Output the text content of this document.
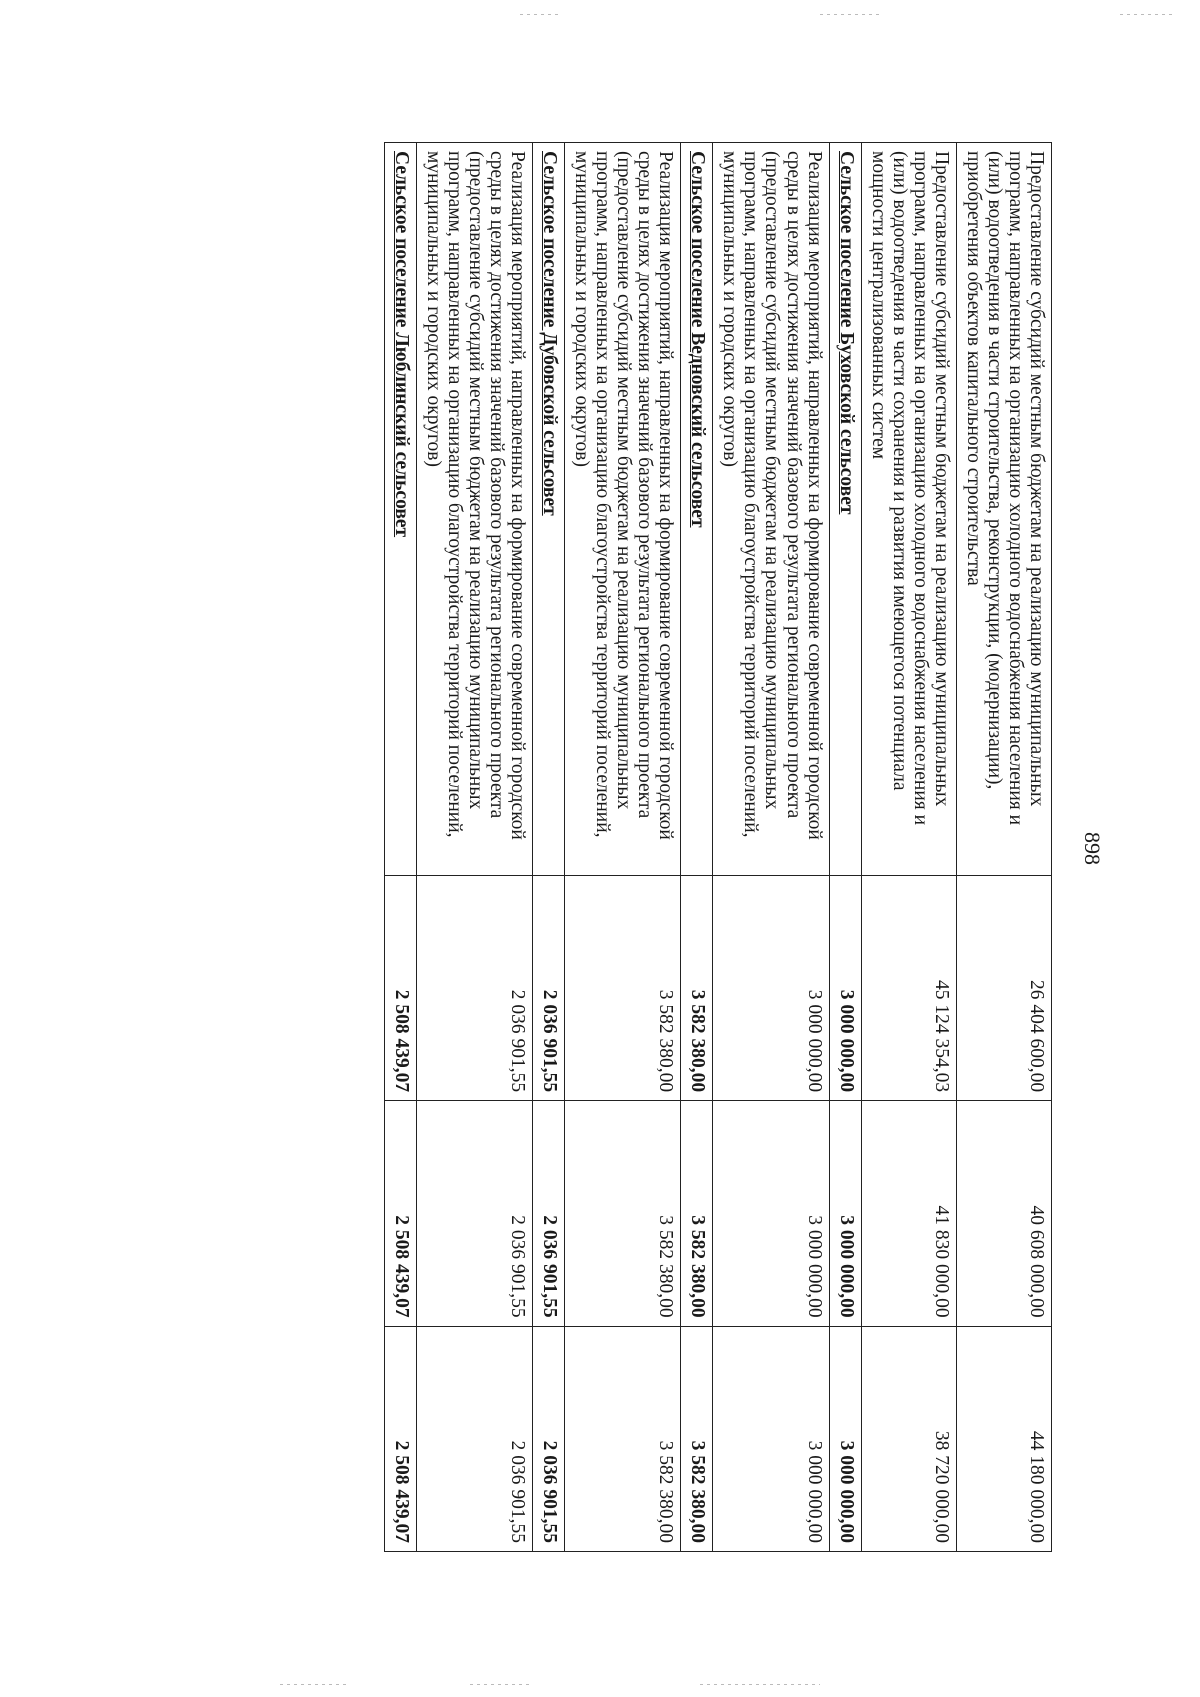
898
Предоставление субсидий местным бюджетам на реализацию муниципальных программ, направленных на организацию холодного водоснабжения населения и (или) водоотведения в части строительства, реконструкции, (модернизации), приобретения объектов капитального строительства	26 404 600,00	40 608 000,00	44 180 000,00
Предоставление субсидий местным бюджетам на реализацию муниципальных программ, направленных на организацию холодного водоснабжения населения и (или) водоотведения в части сохранения и развития имеющегося потенциала мощности централизованных систем	45 124 354,03	41 830 000,00	38 720 000,00
Сельское поселение Буховской сельсовет	3 000 000,00	3 000 000,00	3 000 000,00
Реализация мероприятий, направленных на формирование современной городской среды в целях достижения значений базового результата регионального проекта (предоставление субсидий местным бюджетам на реализацию муниципальных программ, направленных на организацию благоустройства территорий поселений, муниципальных и городских округов)	3 000 000,00	3 000 000,00	3 000 000,00
Сельское поселение Ведновский сельсовет	3 582 380,00	3 582 380,00	3 582 380,00
Реализация мероприятий, направленных на формирование современной городской среды в целях достижения значений базового результата регионального проекта (предоставление субсидий местным бюджетам на реализацию муниципальных программ, направленных на организацию благоустройства территорий поселений, муниципальных и городских округов)	3 582 380,00	3 582 380,00	3 582 380,00
Сельское поселение Дубовской сельсовет	2 036 901,55	2 036 901,55	2 036 901,55
Реализация мероприятий, направленных на формирование современной городской среды в целях достижения значений базового результата регионального проекта (предоставление субсидий местным бюджетам на реализацию муниципальных программ, направленных на организацию благоустройства территорий поселений, муниципальных и городских округов)	2 036 901,55	2 036 901,55	2 036 901,55
Сельское поселение Люблинский сельсовет	2 508 439,07	2 508 439,07	2 508 439,07
